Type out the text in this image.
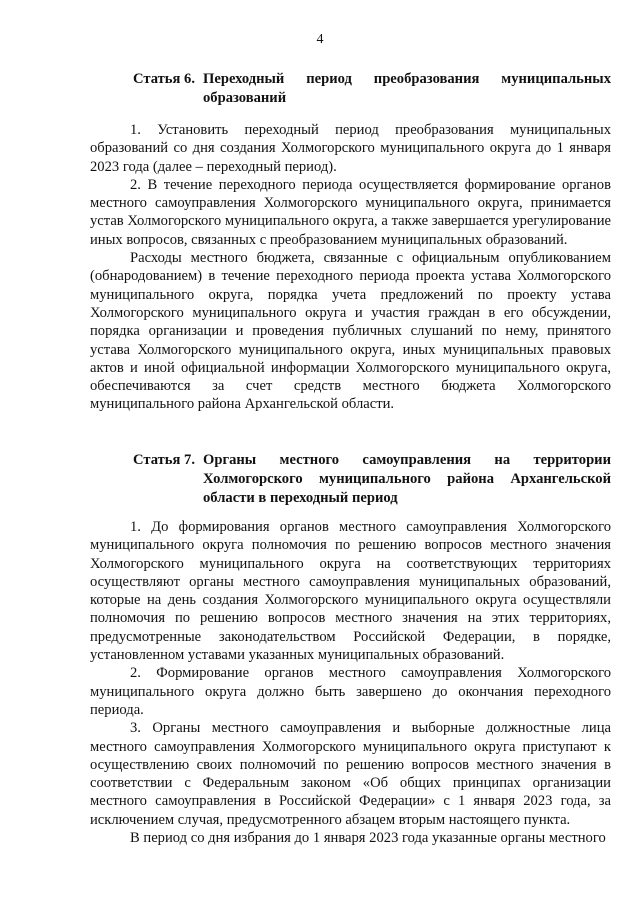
4
Статья 6. Переходный период преобразования муниципальных образований

1. Установить переходный период преобразования муниципальных образований со дня создания Холмогорского муниципального округа до 1 января 2023 года (далее – переходный период).

2. В течение переходного периода осуществляется формирование органов местного самоуправления Холмогорского муниципального округа, принимается устав Холмогорского муниципального округа, а также завершается урегулирование иных вопросов, связанных с преобразованием муниципальных образований.

Расходы местного бюджета, связанные с официальным опубликованием (обнародованием) в течение переходного периода проекта устава Холмогорского муниципального округа, порядка учета предложений по проекту устава Холмогорского муниципального округа и участия граждан в его обсуждении, порядка организации и проведения публичных слушаний по нему, принятого устава Холмогорского муниципального округа, иных муниципальных правовых актов и иной официальной информации Холмогорского муниципального округа, обеспечиваются за счет средств местного бюджета Холмогорского муниципального района Архангельской области.

Статья 7. Органы местного самоуправления на территории Холмогорского муниципального района Архангельской области в переходный период

1. До формирования органов местного самоуправления Холмогорского муниципального округа полномочия по решению вопросов местного значения Холмогорского муниципального округа на соответствующих территориях осуществляют органы местного самоуправления муниципальных образований, которые на день создания Холмогорского муниципального округа осуществляли полномочия по решению вопросов местного значения на этих территориях, предусмотренные законодательством Российской Федерации, в порядке, установленном уставами указанных муниципальных образований.

2. Формирование органов местного самоуправления Холмогорского муниципального округа должно быть завершено до окончания переходного периода.

3. Органы местного самоуправления и выборные должностные лица местного самоуправления Холмогорского муниципального округа приступают к осуществлению своих полномочий по решению вопросов местного значения в соответствии с Федеральным законом «Об общих принципах организации местного самоуправления в Российской Федерации» с 1 января 2023 года, за исключением случая, предусмотренного абзацем вторым настоящего пункта.

В период со дня избрания до 1 января 2023 года указанные органы местного
